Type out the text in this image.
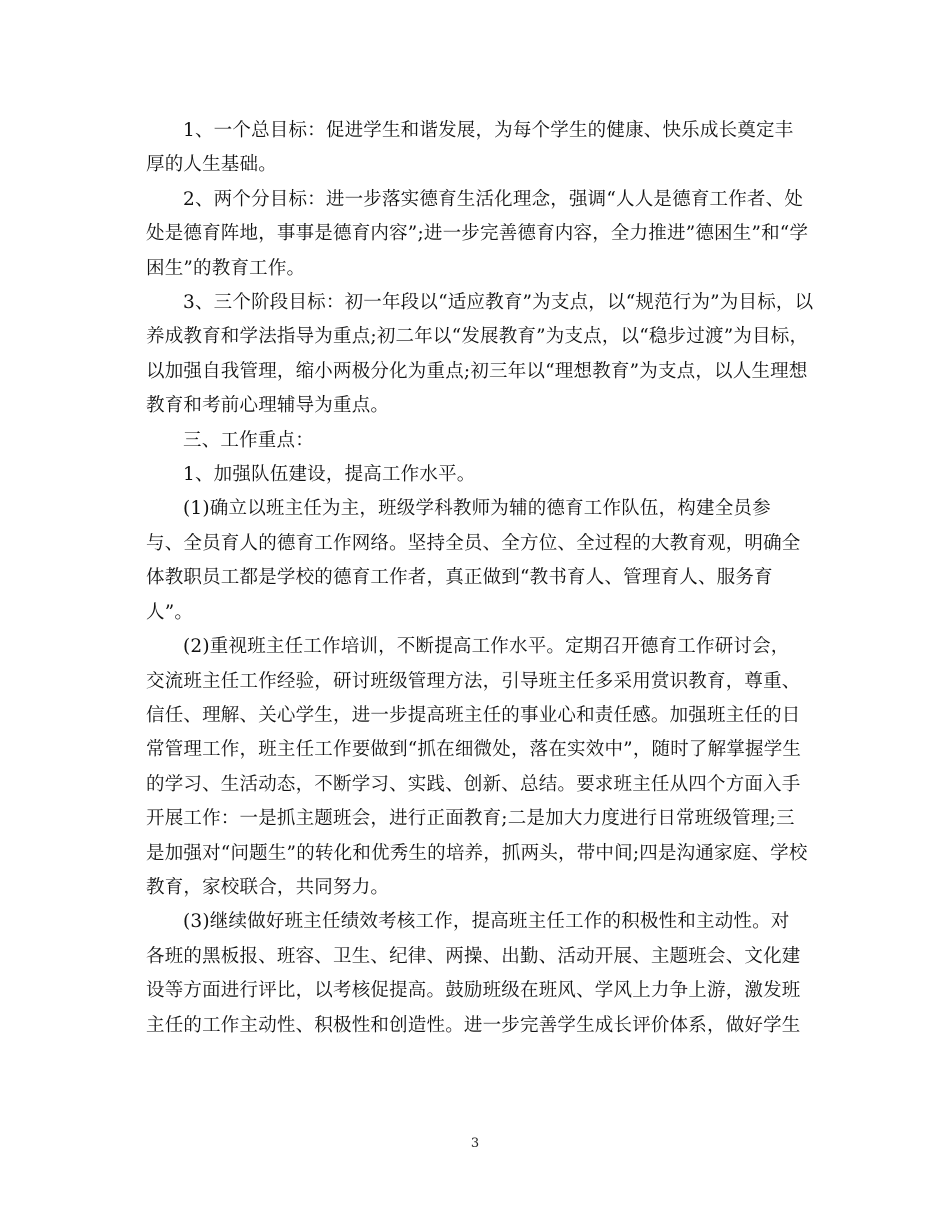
1、一个总目标：促进学生和谐发展，为每个学生的健康、快乐成长奠定丰
厚的人生基础。

2、两个分目标：进一步落实德育生活化理念，强调“人人是德育工作者、处
处是德育阵地，事事是德育内容”;进一步完善德育内容，全力推进”德困生”和“学
困生”的教育工作。

3、三个阶段目标：初一年段以“适应教育”为支点，以“规范行为”为目标，以
养成教育和学法指导为重点;初二年以“发展教育”为支点，以“稳步过渡”为目标，
以加强自我管理，缩小两极分化为重点;初三年以“理想教育”为支点，以人生理想
教育和考前心理辅导为重点。

三、工作重点：

1、加强队伍建设，提高工作水平。

(1)确立以班主任为主，班级学科教师为辅的德育工作队伍，构建全员参
与、全员育人的德育工作网络。坚持全员、全方位、全过程的大教育观，明确全
体教职员工都是学校的德育工作者，真正做到“教书育人、管理育人、服务育
人”。

(2)重视班主任工作培训，不断提高工作水平。定期召开德育工作研讨会，
交流班主任工作经验，研讨班级管理方法，引导班主任多采用赏识教育，尊重、
信任、理解、关心学生，进一步提高班主任的事业心和责任感。加强班主任的日
常管理工作，班主任工作要做到“抓在细微处，落在实效中”，随时了解掌握学生
的学习、生活动态，不断学习、实践、创新、总结。要求班主任从四个方面入手
开展工作：一是抓主题班会，进行正面教育;二是加大力度进行日常班级管理;三
是加强对“问题生”的转化和优秀生的培养，抓两头，带中间;四是沟通家庭、学校
教育，家校联合，共同努力。

(3)继续做好班主任绩效考核工作，提高班主任工作的积极性和主动性。对
各班的黑板报、班容、卫生、纪律、两操、出勤、活动开展、主题班会、文化建
设等方面进行评比，以考核促提高。鼓励班级在班风、学风上力争上游，激发班
主任的工作主动性、积极性和创造性。进一步完善学生成长评价体系，做好学生

3
